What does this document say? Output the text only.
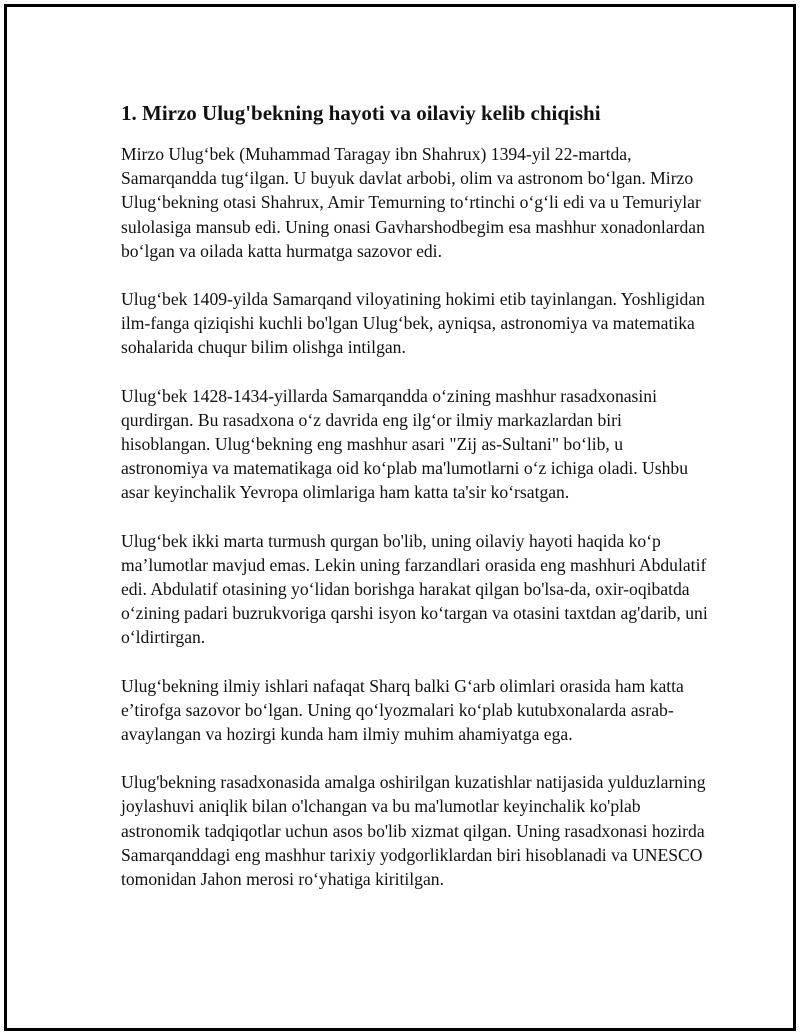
1. Mirzo Ulug'bekning hayoti va oilaviy kelib chiqishi

Mirzo Ulugʻbek (Muhammad Taragay ibn Shahrux) 1394-yil 22-martda, Samarqandda tugʻilgan. U buyuk davlat arbobi, olim va astronom boʻlgan. Mirzo Ulugʻbekning otasi Shahrux, Amir Temurning toʻrtinchi oʻgʻli edi va u Temuriylar sulolasiga mansub edi. Uning onasi Gavharshodbegim esa mashhur xonadonlardan boʻlgan va oilada katta hurmatga sazovor edi.

Ulugʻbek 1409-yilda Samarqand viloyatining hokimi etib tayinlangan. Yoshligidan ilm-fanga qiziqishi kuchli bo'lgan Ulugʻbek, ayniqsa, astronomiya va matematika sohalarida chuqur bilim olishga intilgan.

Ulugʻbek 1428-1434-yillarda Samarqandda oʻzining mashhur rasadxonasini qurdirgan. Bu rasadxona oʻz davrida eng ilgʻor ilmiy markazlardan biri hisoblangan. Ulugʻbekning eng mashhur asari "Zij as-Sultani" boʻlib, u astronomiya va matematikaga oid koʻplab ma'lumotlarni oʻz ichiga oladi. Ushbu asar keyinchalik Yevropa olimlariga ham katta ta'sir koʻrsatgan.

Ulugʻbek ikki marta turmush qurgan bo'lib, uning oilaviy hayoti haqida koʻp ma’lumotlar mavjud emas. Lekin uning farzandlari orasida eng mashhuri Abdulatif edi. Abdulatif otasining yoʻlidan borishga harakat qilgan bo'lsa-da, oxir-oqibatda oʻzining padari buzrukvoriga qarshi isyon koʻtargan va otasini taxtdan ag'darib, uni oʻldirtirgan.

Ulugʻbekning ilmiy ishlari nafaqat Sharq balki Gʻarb olimlari orasida ham katta e’tirofga sazovor boʻlgan. Uning qoʻlyozmalari koʻplab kutubxonalarda asrab-avaylangan va hozirgi kunda ham ilmiy muhim ahamiyatga ega.

Ulug'bekning rasadxonasida amalga oshirilgan kuzatishlar natijasida yulduzlarning joylashuvi aniqlik bilan o'lchangan va bu ma'lumotlar keyinchalik ko'plab astronomik tadqiqotlar uchun asos bo'lib xizmat qilgan. Uning rasadxonasi hozirda Samarqanddagi eng mashhur tarixiy yodgorliklardan biri hisoblanadi va UNESCO tomonidan Jahon merosi roʻyhatiga kiritilgan.
